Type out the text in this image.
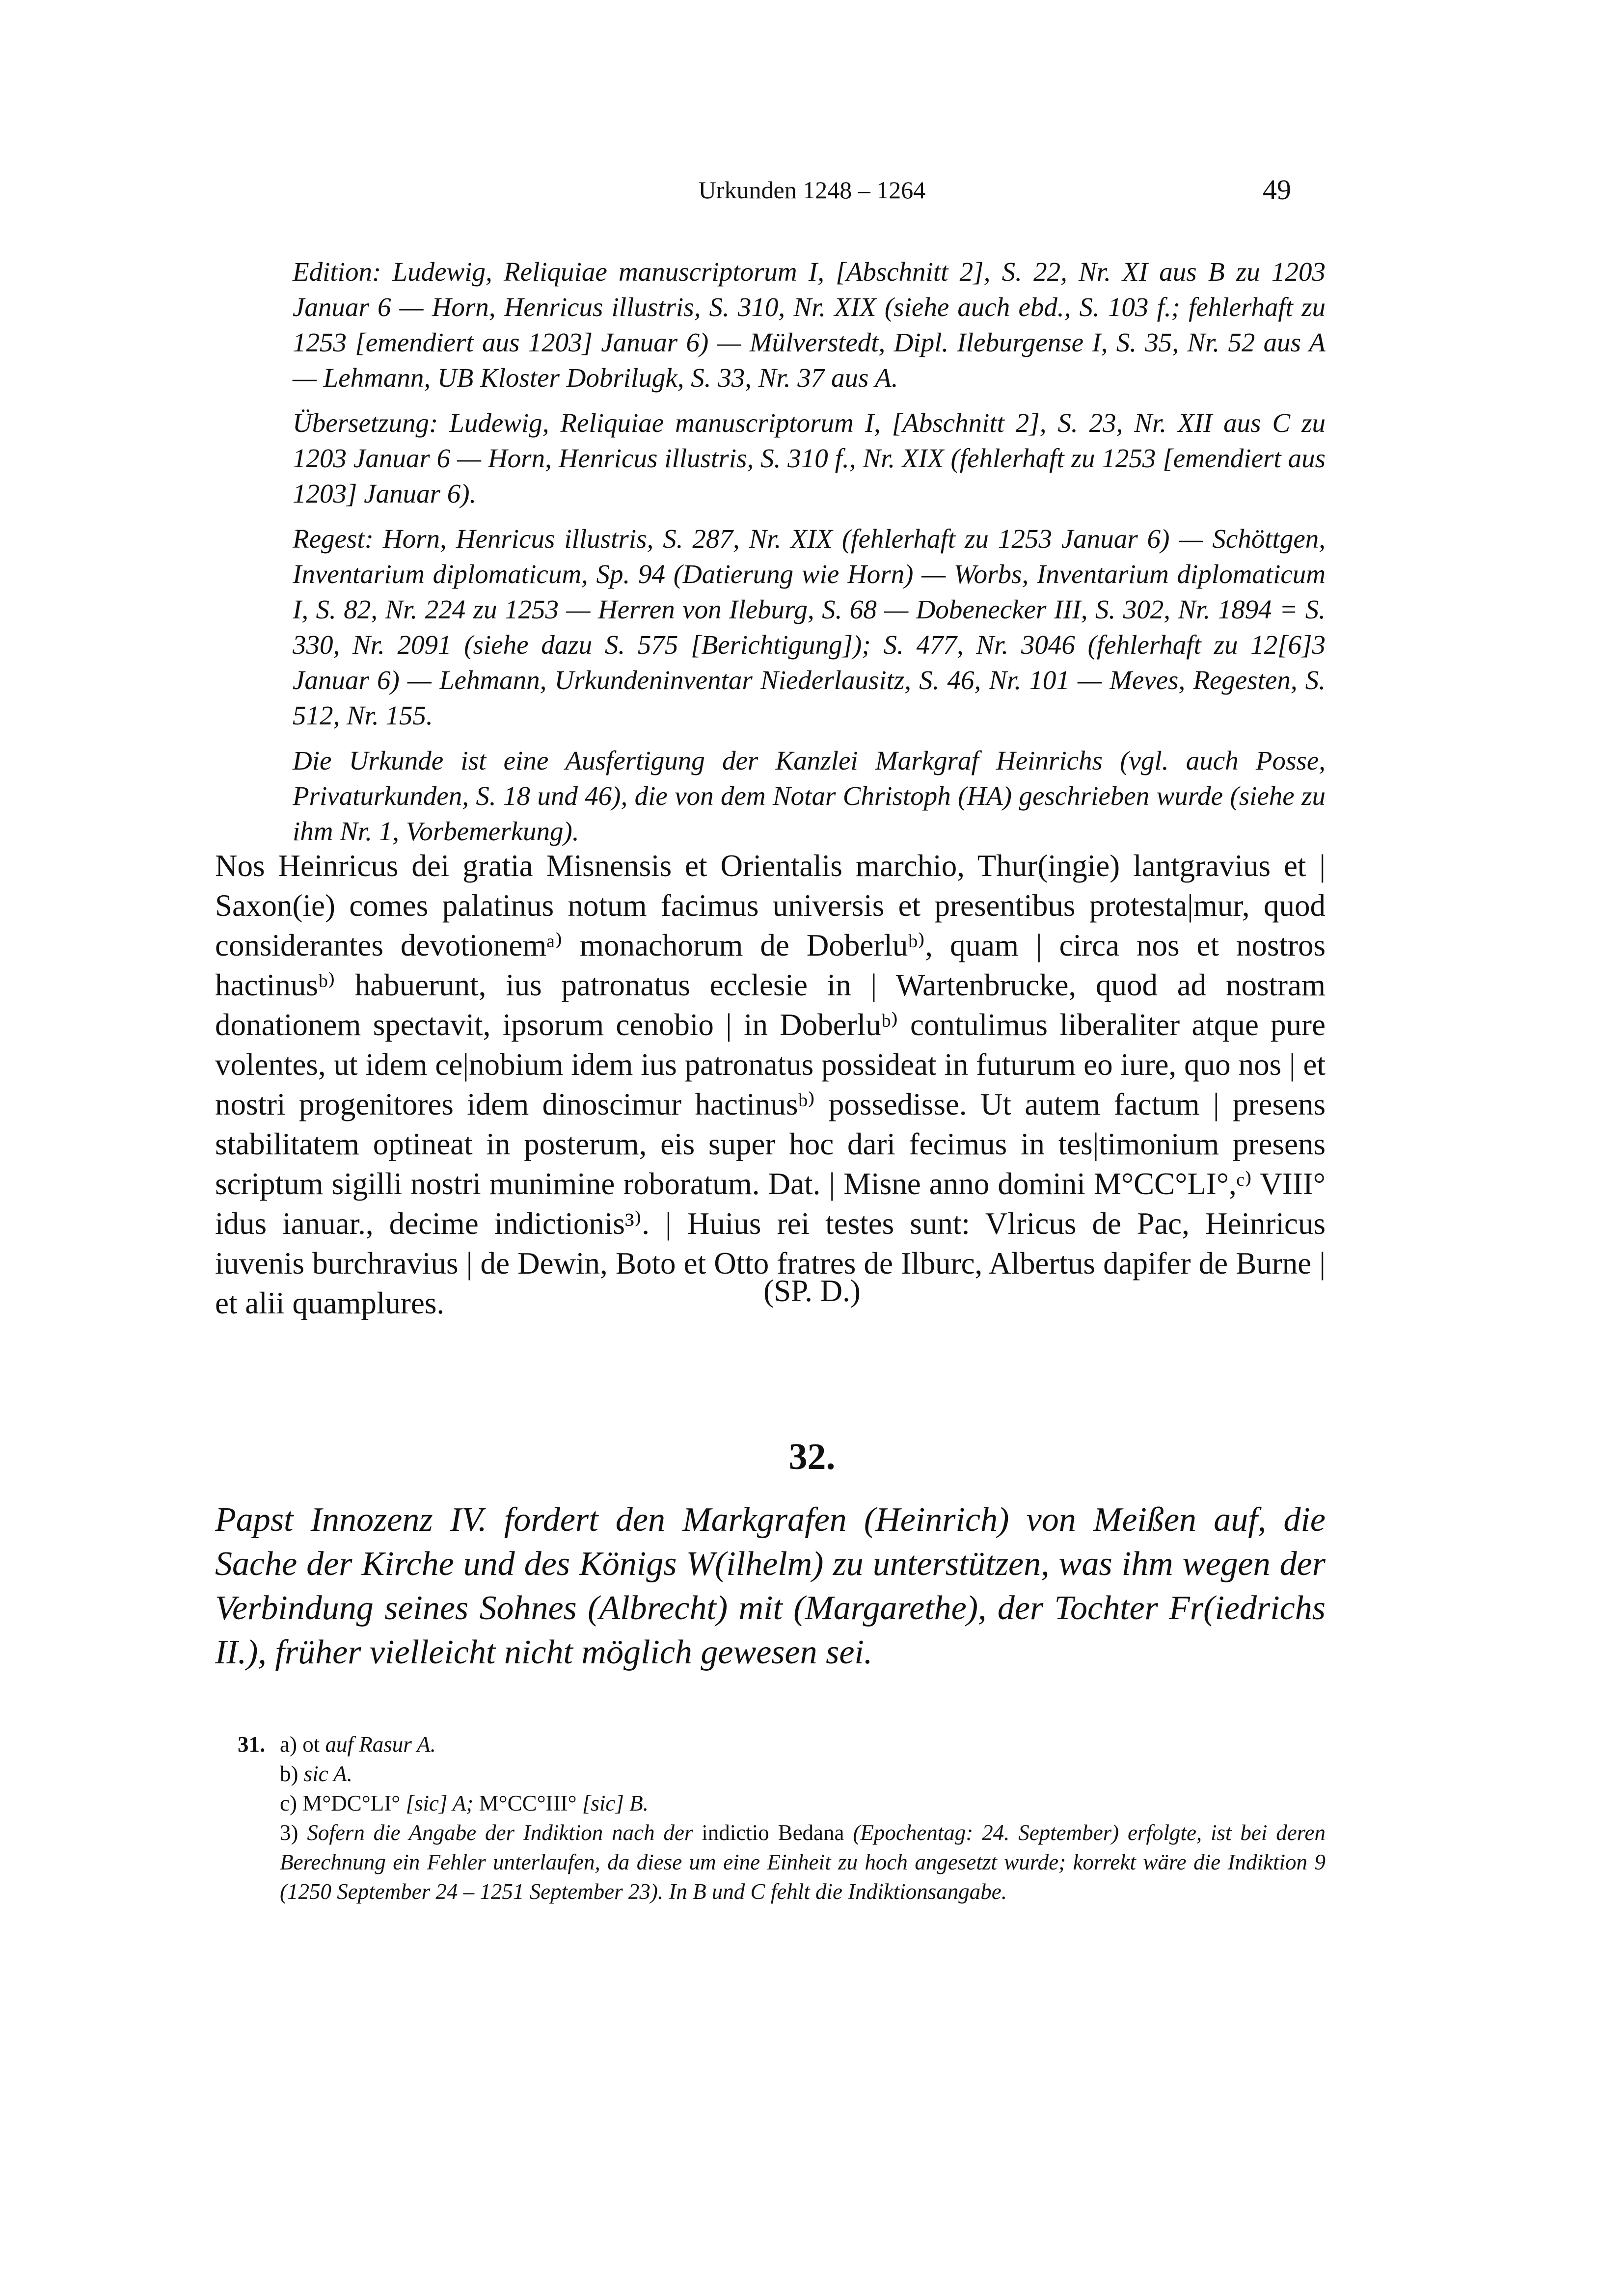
Urkunden 1248 – 1264	49

Edition: Ludewig, Reliquiae manuscriptorum I, [Abschnitt 2], S. 22, Nr. XI aus B zu 1203 Januar 6 — Horn, Henricus illustris, S. 310, Nr. XIX (siehe auch ebd., S. 103 f.; fehlerhaft zu 1253 [emendiert aus 1203] Januar 6) — Mülverstedt, Dipl. Ileburgense I, S. 35, Nr. 52 aus A — Lehmann, UB Kloster Dobrilugk, S. 33, Nr. 37 aus A.

Übersetzung: Ludewig, Reliquiae manuscriptorum I, [Abschnitt 2], S. 23, Nr. XII aus C zu 1203 Januar 6 — Horn, Henricus illustris, S. 310 f., Nr. XIX (fehlerhaft zu 1253 [emendiert aus 1203] Januar 6).

Regest: Horn, Henricus illustris, S. 287, Nr. XIX (fehlerhaft zu 1253 Januar 6) — Schöttgen, Inventarium diplomaticum, Sp. 94 (Datierung wie Horn) — Worbs, Inventarium diplomaticum I, S. 82, Nr. 224 zu 1253 — Herren von Ileburg, S. 68 — Dobenecker III, S. 302, Nr. 1894 = S. 330, Nr. 2091 (siehe dazu S. 575 [Berichtigung]); S. 477, Nr. 3046 (fehlerhaft zu 12[6]3 Januar 6) — Lehmann, Urkundeninventar Niederlausitz, S. 46, Nr. 101 — Meves, Regesten, S. 512, Nr. 155.

Die Urkunde ist eine Ausfertigung der Kanzlei Markgraf Heinrichs (vgl. auch Posse, Privaturkunden, S. 18 und 46), die von dem Notar Christoph (HA) geschrieben wurde (siehe zu ihm Nr. 1, Vorbemerkung).

Nos Heinricus dei gratia Misnensis et Orientalis marchio, Thur(ingie) lantgravius et | Saxon(ie) comes palatinus notum facimus universis et presentibus protesta|mur, quod considerantes devotionemᵃ⁾ monachorum de Doberluᵇ⁾, quam | circa nos et nostros hactinusᵇ⁾ habuerunt, ius patronatus ecclesie in | Wartenbrucke, quod ad nostram donationem spectavit, ipsorum cenobio | in Doberluᵇ⁾ contulimus liberaliter atque pure volentes, ut idem ce|nobium idem ius patronatus possideat in futurum eo iure, quo nos | et nostri progenitores idem dinoscimur hactinusᵇ⁾ possedisse. Ut autem factum | presens stabilitatem optineat in posterum, eis super hoc dari fecimus in tes|timonium presens scriptum sigilli nostri munimine roboratum. Dat. | Misne anno domini M°CC°LI°,ᶜ⁾ VIII° idus ianuar., decime indictionis³⁾. | Huius rei testes sunt: Vlricus de Pac, Heinricus iuvenis burchravius | de Dewin, Boto et Otto fratres de Ilburc, Albertus dapifer de Burne | et alii quamplures.	(SP. D.)
32.

Papst Innozenz IV. fordert den Markgrafen (Heinrich) von Meißen auf, die Sache der Kirche und des Königs W(ilhelm) zu unterstützen, was ihm wegen der Verbindung seines Sohnes (Albrecht) mit (Margarethe), der Tochter Fr(iedrichs II.), früher vielleicht nicht möglich gewesen sei.

31. a) ot auf Rasur A.
b) sic A.
c) M°DC°LI° [sic] A; M°CC°III° [sic] B.
3) Sofern die Angabe der Indiktion nach der indictio Bedana (Epochentag: 24. September) erfolgte, ist bei deren Berechnung ein Fehler unterlaufen, da diese um eine Einheit zu hoch angesetzt wurde; korrekt wäre die Indiktion 9 (1250 September 24 – 1251 September 23). In B und C fehlt die Indiktionsangabe.
